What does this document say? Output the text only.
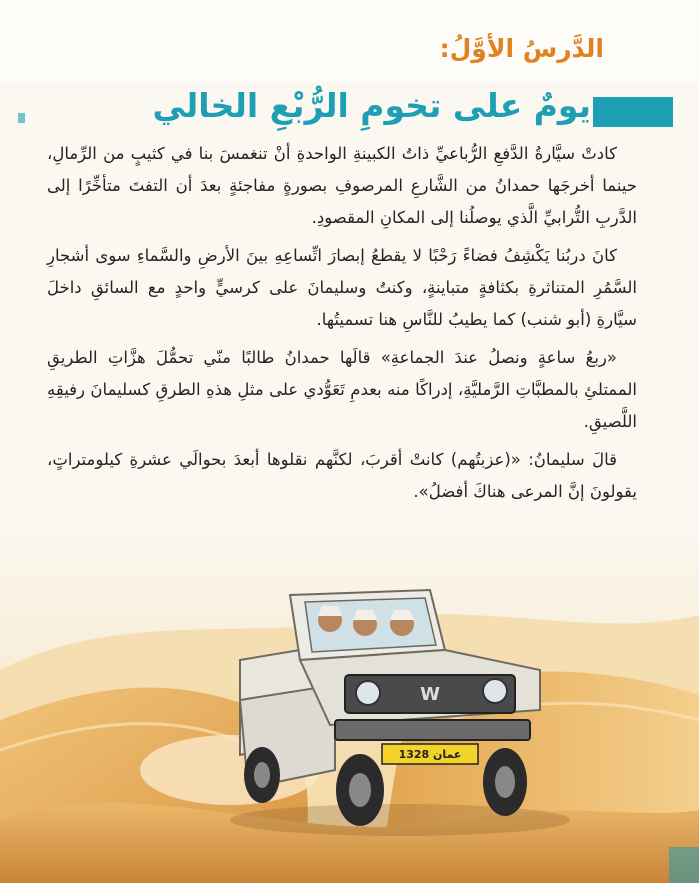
الدَّرسُ الأوَّلُ:
يومٌ على تخومِ الرُّبْعِ الخالي

كادتْ سيَّارةُ الدَّفعِ الرُّباعيِّ ذاتُ الكبينةِ الواحدةِ أنْ تنغمسَ بنا في كثيبٍ من الرِّمالِ، حينما أخرجَها حمدانُ من الشَّارعِ المرصوفِ بصورةٍ مفاجئةٍ بعدَ أن التفتَ متأخِّرًا إلى الدَّربِ التُّرابيِّ الَّذي يوصلُنا إلى المكانِ المقصودِ.

كانَ دربُنا يَكْشِفُ فضاءً رَحْبًا لا يقطعُ إبصارَ اتِّساعِهِ بينَ الأرضِ والسَّماءِ سوى أشجارِ السَّمُرِ المتناثرةِ بكثافةٍ متباينةٍ، وكنتُ وسليمانَ على كرسيٍّ واحدٍ مع السائقِ داخلَ سيَّارةِ (أبو شنب) كما يطيبُ للنَّاسِ هنا تسميتُها.

«ربعُ ساعةٍ ونصلُ عندَ الجماعةِ» قالَها حمدانُ طالبًا منّي تحمُّلَ هزَّاتِ الطريقِ الممتلئِ بالمطبَّاتِ الرَّمليَّةِ، إدراكًا منه بعدمِ تَعَوُّدي على مثلِ هذهِ الطرقِ كسليمانَ رفيقِهِ اللَّصيقِ.

قالَ سليمانُ: «(عزبتُهم) كانتْ أقربَ، لكنَّهم نقلوها أبعدَ بحوالَي عشرةِ كيلومتراتٍ، يقولونَ إنَّ المرعى هناكَ أفضلُ».

W
1328 عمان
